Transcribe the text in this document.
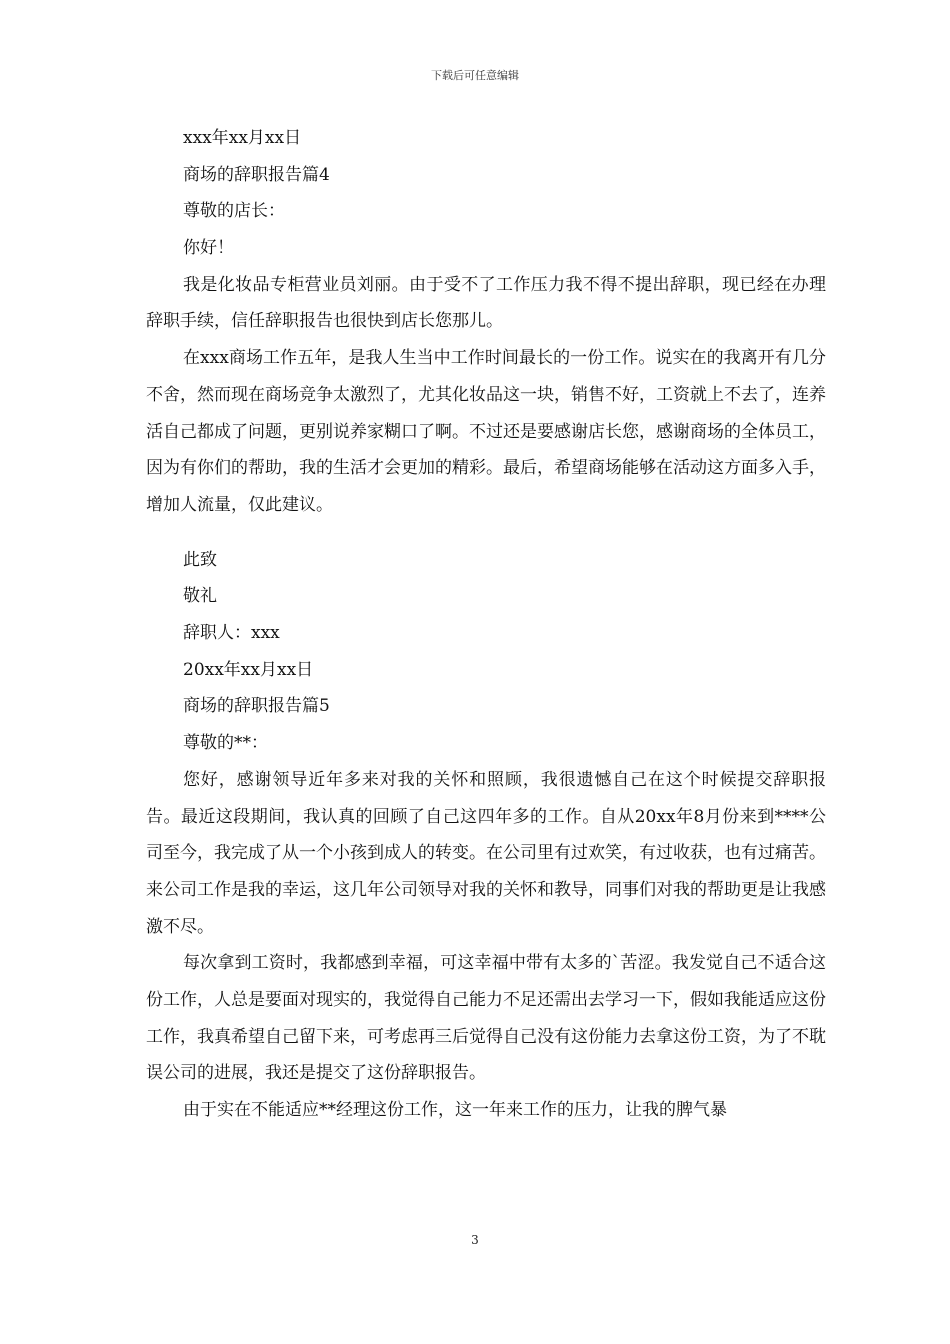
下载后可任意编辑
xxx年xx月xx日
商场的辞职报告篇4
尊敬的店长：
你好！
我是化妆品专柜营业员刘丽。由于受不了工作压力我不得不提出辞职，现已经在办理辞职手续，信任辞职报告也很快到店长您那儿。
在xxx商场工作五年，是我人生当中工作时间最长的一份工作。说实在的我离开有几分不舍，然而现在商场竞争太激烈了，尤其化妆品这一块，销售不好，工资就上不去了，连养活自己都成了问题，更别说养家糊口了啊。不过还是要感谢店长您，感谢商场的全体员工，因为有你们的帮助，我的生活才会更加的精彩。最后，希望商场能够在活动这方面多入手，增加人流量，仅此建议。
此致
敬礼
辞职人：xxx
20xx年xx月xx日
商场的辞职报告篇5
尊敬的**：
您好，感谢领导近年多来对我的关怀和照顾，我很遗憾自己在这个时候提交辞职报告。最近这段期间，我认真的回顾了自己这四年多的工作。自从20xx年8月份来到****公司至今，我完成了从一个小孩到成人的转变。在公司里有过欢笑，有过收获，也有过痛苦。来公司工作是我的幸运，这几年公司领导对我的关怀和教导，同事们对我的帮助更是让我感激不尽。
每次拿到工资时，我都感到幸福，可这幸福中带有太多的`苦涩。我发觉自己不适合这份工作，人总是要面对现实的，我觉得自己能力不足还需出去学习一下，假如我能适应这份工作，我真希望自己留下来，可考虑再三后觉得自己没有这份能力去拿这份工资，为了不耽误公司的进展，我还是提交了这份辞职报告。
由于实在不能适应**经理这份工作，这一年来工作的压力，让我的脾气暴
3
